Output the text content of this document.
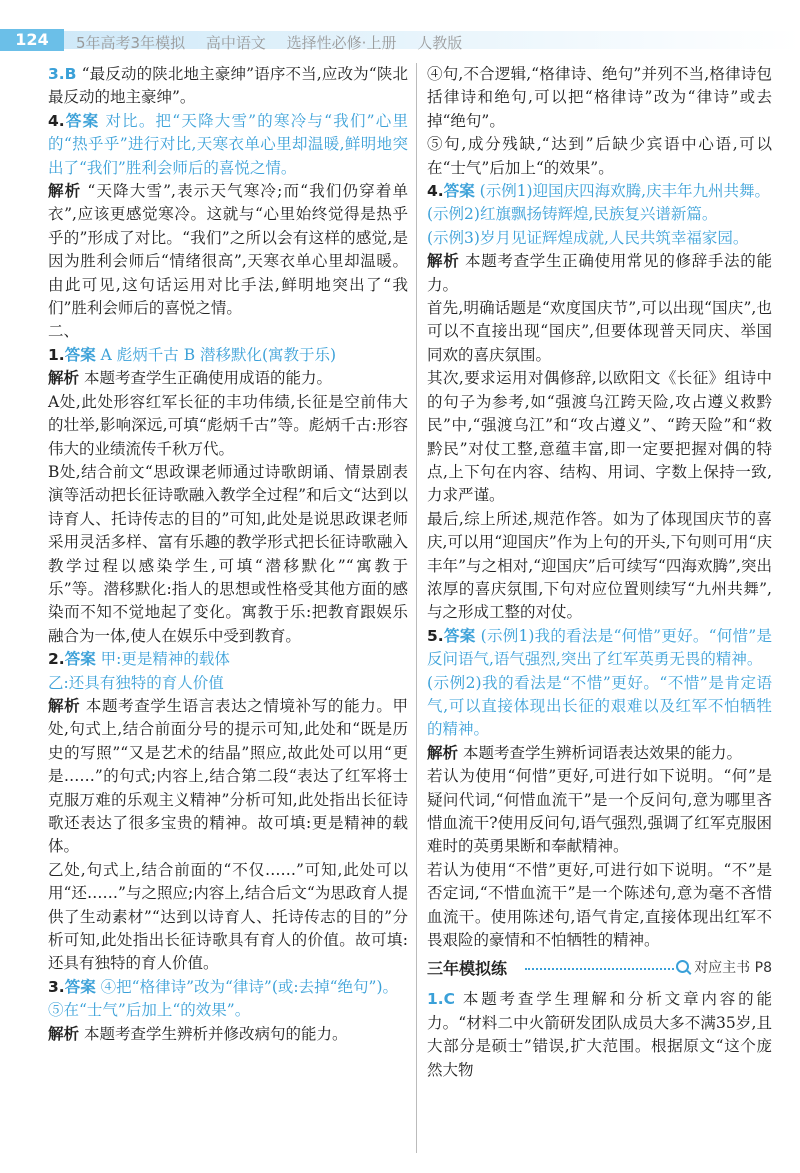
124	5年高考3年模拟 高中语文 选择性必修·上册 人教版

3.B “最反动的陕北地主豪绅”语序不当,应改为“陕北最反动的地主豪绅”。

4.答案 对比。把“天降大雪”的寒冷与“我们”心里的“热乎乎”进行对比,天寒衣单心里却温暖,鲜明地突出了“我们”胜利会师后的喜悦之情。

解析 “天降大雪”,表示天气寒冷;而“我们仍穿着单衣”,应该更感觉寒冷。这就与“心里始终觉得是热乎乎的”形成了对比。“我们”之所以会有这样的感觉,是因为胜利会师后“情绪很高”,天寒衣单心里却温暖。由此可见,这句话运用对比手法,鲜明地突出了“我们”胜利会师后的喜悦之情。

二、

1.答案 A 彪炳千古 B 潜移默化(寓教于乐)

解析 本题考查学生正确使用成语的能力。

A处,此处形容红军长征的丰功伟绩,长征是空前伟大的壮举,影响深远,可填“彪炳千古”等。彪炳千古:形容伟大的业绩流传千秋万代。

B处,结合前文“思政课老师通过诗歌朗诵、情景剧表演等活动把长征诗歌融入教学全过程”和后文“达到以诗育人、托诗传志的目的”可知,此处是说思政课老师采用灵活多样、富有乐趣的教学形式把长征诗歌融入教学过程以感染学生,可填“潜移默化”“寓教于乐”等。潜移默化:指人的思想或性格受其他方面的感染而不知不觉地起了变化。寓教于乐:把教育跟娱乐融合为一体,使人在娱乐中受到教育。

2.答案 甲:更是精神的载体

乙:还具有独特的育人价值

解析 本题考查学生语言表达之情境补写的能力。甲处,句式上,结合前面分号的提示可知,此处和“既是历史的写照”“又是艺术的结晶”照应,故此处可以用“更是……”的句式;内容上,结合第二段“表达了红军将士克服万难的乐观主义精神”分析可知,此处指出长征诗歌还表达了很多宝贵的精神。故可填:更是精神的载体。

乙处,句式上,结合前面的“不仅……”可知,此处可以用“还……”与之照应;内容上,结合后文“为思政育人提供了生动素材”“达到以诗育人、托诗传志的目的”分析可知,此处指出长征诗歌具有育人的价值。故可填:还具有独特的育人价值。

3.答案 ④把“格律诗”改为“律诗”(或:去掉“绝句”)。

⑤在“士气”后加上“的效果”。

解析 本题考查学生辨析并修改病句的能力。

④句,不合逻辑,“格律诗、绝句”并列不当,格律诗包括律诗和绝句,可以把“格律诗”改为“律诗”或去掉“绝句”。

⑤句,成分残缺,“达到”后缺少宾语中心语,可以在“士气”后加上“的效果”。

4.答案 (示例1)迎国庆四海欢腾,庆丰年九州共舞。

(示例2)红旗飘扬铸辉煌,民族复兴谱新篇。

(示例3)岁月见证辉煌成就,人民共筑幸福家园。

解析 本题考查学生正确使用常见的修辞手法的能力。

首先,明确话题是“欢度国庆节”,可以出现“国庆”,也可以不直接出现“国庆”,但要体现普天同庆、举国同欢的喜庆氛围。

其次,要求运用对偶修辞,以欧阳文《长征》组诗中的句子为参考,如“强渡乌江跨天险,攻占遵义救黔民”中,“强渡乌江”和“攻占遵义”、“跨天险”和“救黔民”对仗工整,意蕴丰富,即一定要把握对偶的特点,上下句在内容、结构、用词、字数上保持一致,力求严谨。

最后,综上所述,规范作答。如为了体现国庆节的喜庆,可以用“迎国庆”作为上句的开头,下句则可用“庆丰年”与之相对,“迎国庆”后可续写“四海欢腾”,突出浓厚的喜庆氛围,下句对应位置则续写“九州共舞”,与之形成工整的对仗。

5.答案 (示例1)我的看法是“何惜”更好。“何惜”是反问语气,语气强烈,突出了红军英勇无畏的精神。

(示例2)我的看法是“不惜”更好。“不惜”是肯定语气,可以直接体现出长征的艰难以及红军不怕牺牲的精神。

解析 本题考查学生辨析词语表达效果的能力。

若认为使用“何惜”更好,可进行如下说明。“何”是疑问代词,“何惜血流干”是一个反问句,意为哪里吝惜血流干?使用反问句,语气强烈,强调了红军克服困难时的英勇果断和奉献精神。

若认为使用“不惜”更好,可进行如下说明。“不”是否定词,“不惜血流干”是一个陈述句,意为毫不吝惜血流干。使用陈述句,语气肯定,直接体现出红军不畏艰险的豪情和不怕牺牲的精神。

三年模拟练	对应主书 P8

1.C 本题考查学生理解和分析文章内容的能力。“材料二中火箭研发团队成员大多不满35岁,且大部分是硕士”错误,扩大范围。根据原文“这个庞然大物
